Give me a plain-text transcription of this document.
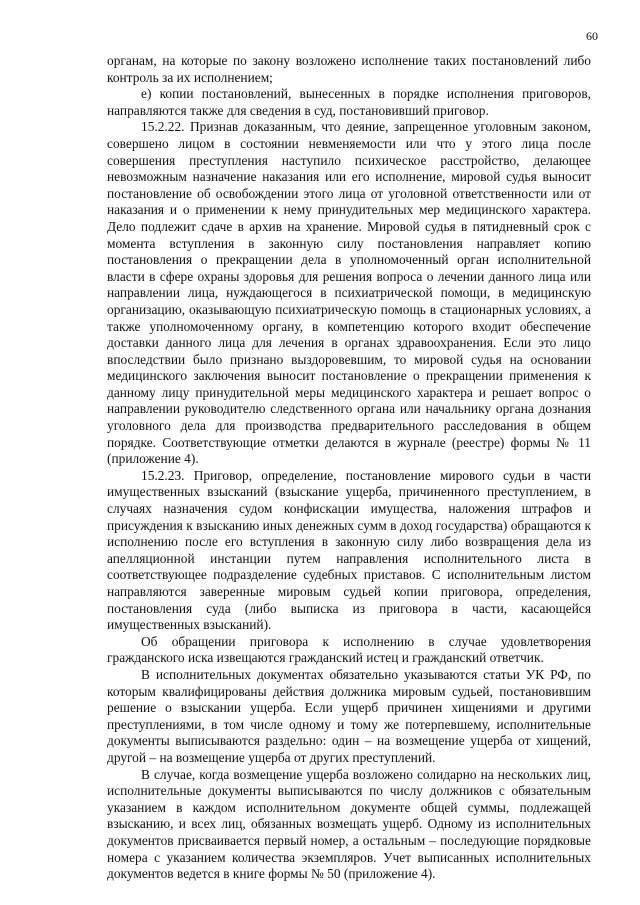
60

органам, на которые по закону возложено исполнение таких постановлений либо контроль за их исполнением;

е) копии постановлений, вынесенных в порядке исполнения приговоров, направляются также для сведения в суд, постановивший приговор.

15.2.22. Признав доказанным, что деяние, запрещенное уголовным законом, совершено лицом в состоянии невменяемости или что у этого лица после совершения преступления наступило психическое расстройство, делающее невозможным назначение наказания или его исполнение, мировой судья выносит постановление об освобождении этого лица от уголовной ответственности или от наказания и о применении к нему принудительных мер медицинского характера. Дело подлежит сдаче в архив на хранение. Мировой судья в пятидневный срок с момента вступления в законную силу постановления направляет копию постановления о прекращении дела в уполномоченный орган исполнительной власти в сфере охраны здоровья для решения вопроса о лечении данного лица или направлении лица, нуждающегося в психиатрической помощи, в медицинскую организацию, оказывающую психиатрическую помощь в стационарных условиях, а также уполномоченному органу, в компетенцию которого входит обеспечение доставки данного лица для лечения в органах здравоохранения. Если это лицо впоследствии было признано выздоровевшим, то мировой судья на основании медицинского заключения выносит постановление о прекращении применения к данному лицу принудительной меры медицинского характера и решает вопрос о направлении руководителю следственного органа или начальнику органа дознания уголовного дела для производства предварительного расследования в общем порядке. Соответствующие отметки делаются в журнале (реестре) формы № 11 (приложение 4).

15.2.23. Приговор, определение, постановление мирового судьи в части имущественных взысканий (взыскание ущерба, причиненного преступлением, в случаях назначения судом конфискации имущества, наложения штрафов и присуждения к взысканию иных денежных сумм в доход государства) обращаются к исполнению после его вступления в законную силу либо возвращения дела из апелляционной инстанции путем направления исполнительного листа в соответствующее подразделение судебных приставов. С исполнительным листом направляются заверенные мировым судьей копии приговора, определения, постановления суда (либо выписка из приговора в части, касающейся имущественных взысканий).

Об обращении приговора к исполнению в случае удовлетворения гражданского иска извещаются гражданский истец и гражданский ответчик.

В исполнительных документах обязательно указываются статьи УК РФ, по которым квалифицированы действия должника мировым судьей, постановившим решение о взыскании ущерба. Если ущерб причинен хищениями и другими преступлениями, в том числе одному и тому же потерпевшему, исполнительные документы выписываются раздельно: один – на возмещение ущерба от хищений, другой – на возмещение ущерба от других преступлений.

В случае, когда возмещение ущерба возложено солидарно на нескольких лиц, исполнительные документы выписываются по числу должников с обязательным указанием в каждом исполнительном документе общей суммы, подлежащей взысканию, и всех лиц, обязанных возмещать ущерб. Одному из исполнительных документов присваивается первый номер, а остальным – последующие порядковые номера с указанием количества экземпляров. Учет выписанных исполнительных документов ведется в книге формы № 50 (приложение 4).
